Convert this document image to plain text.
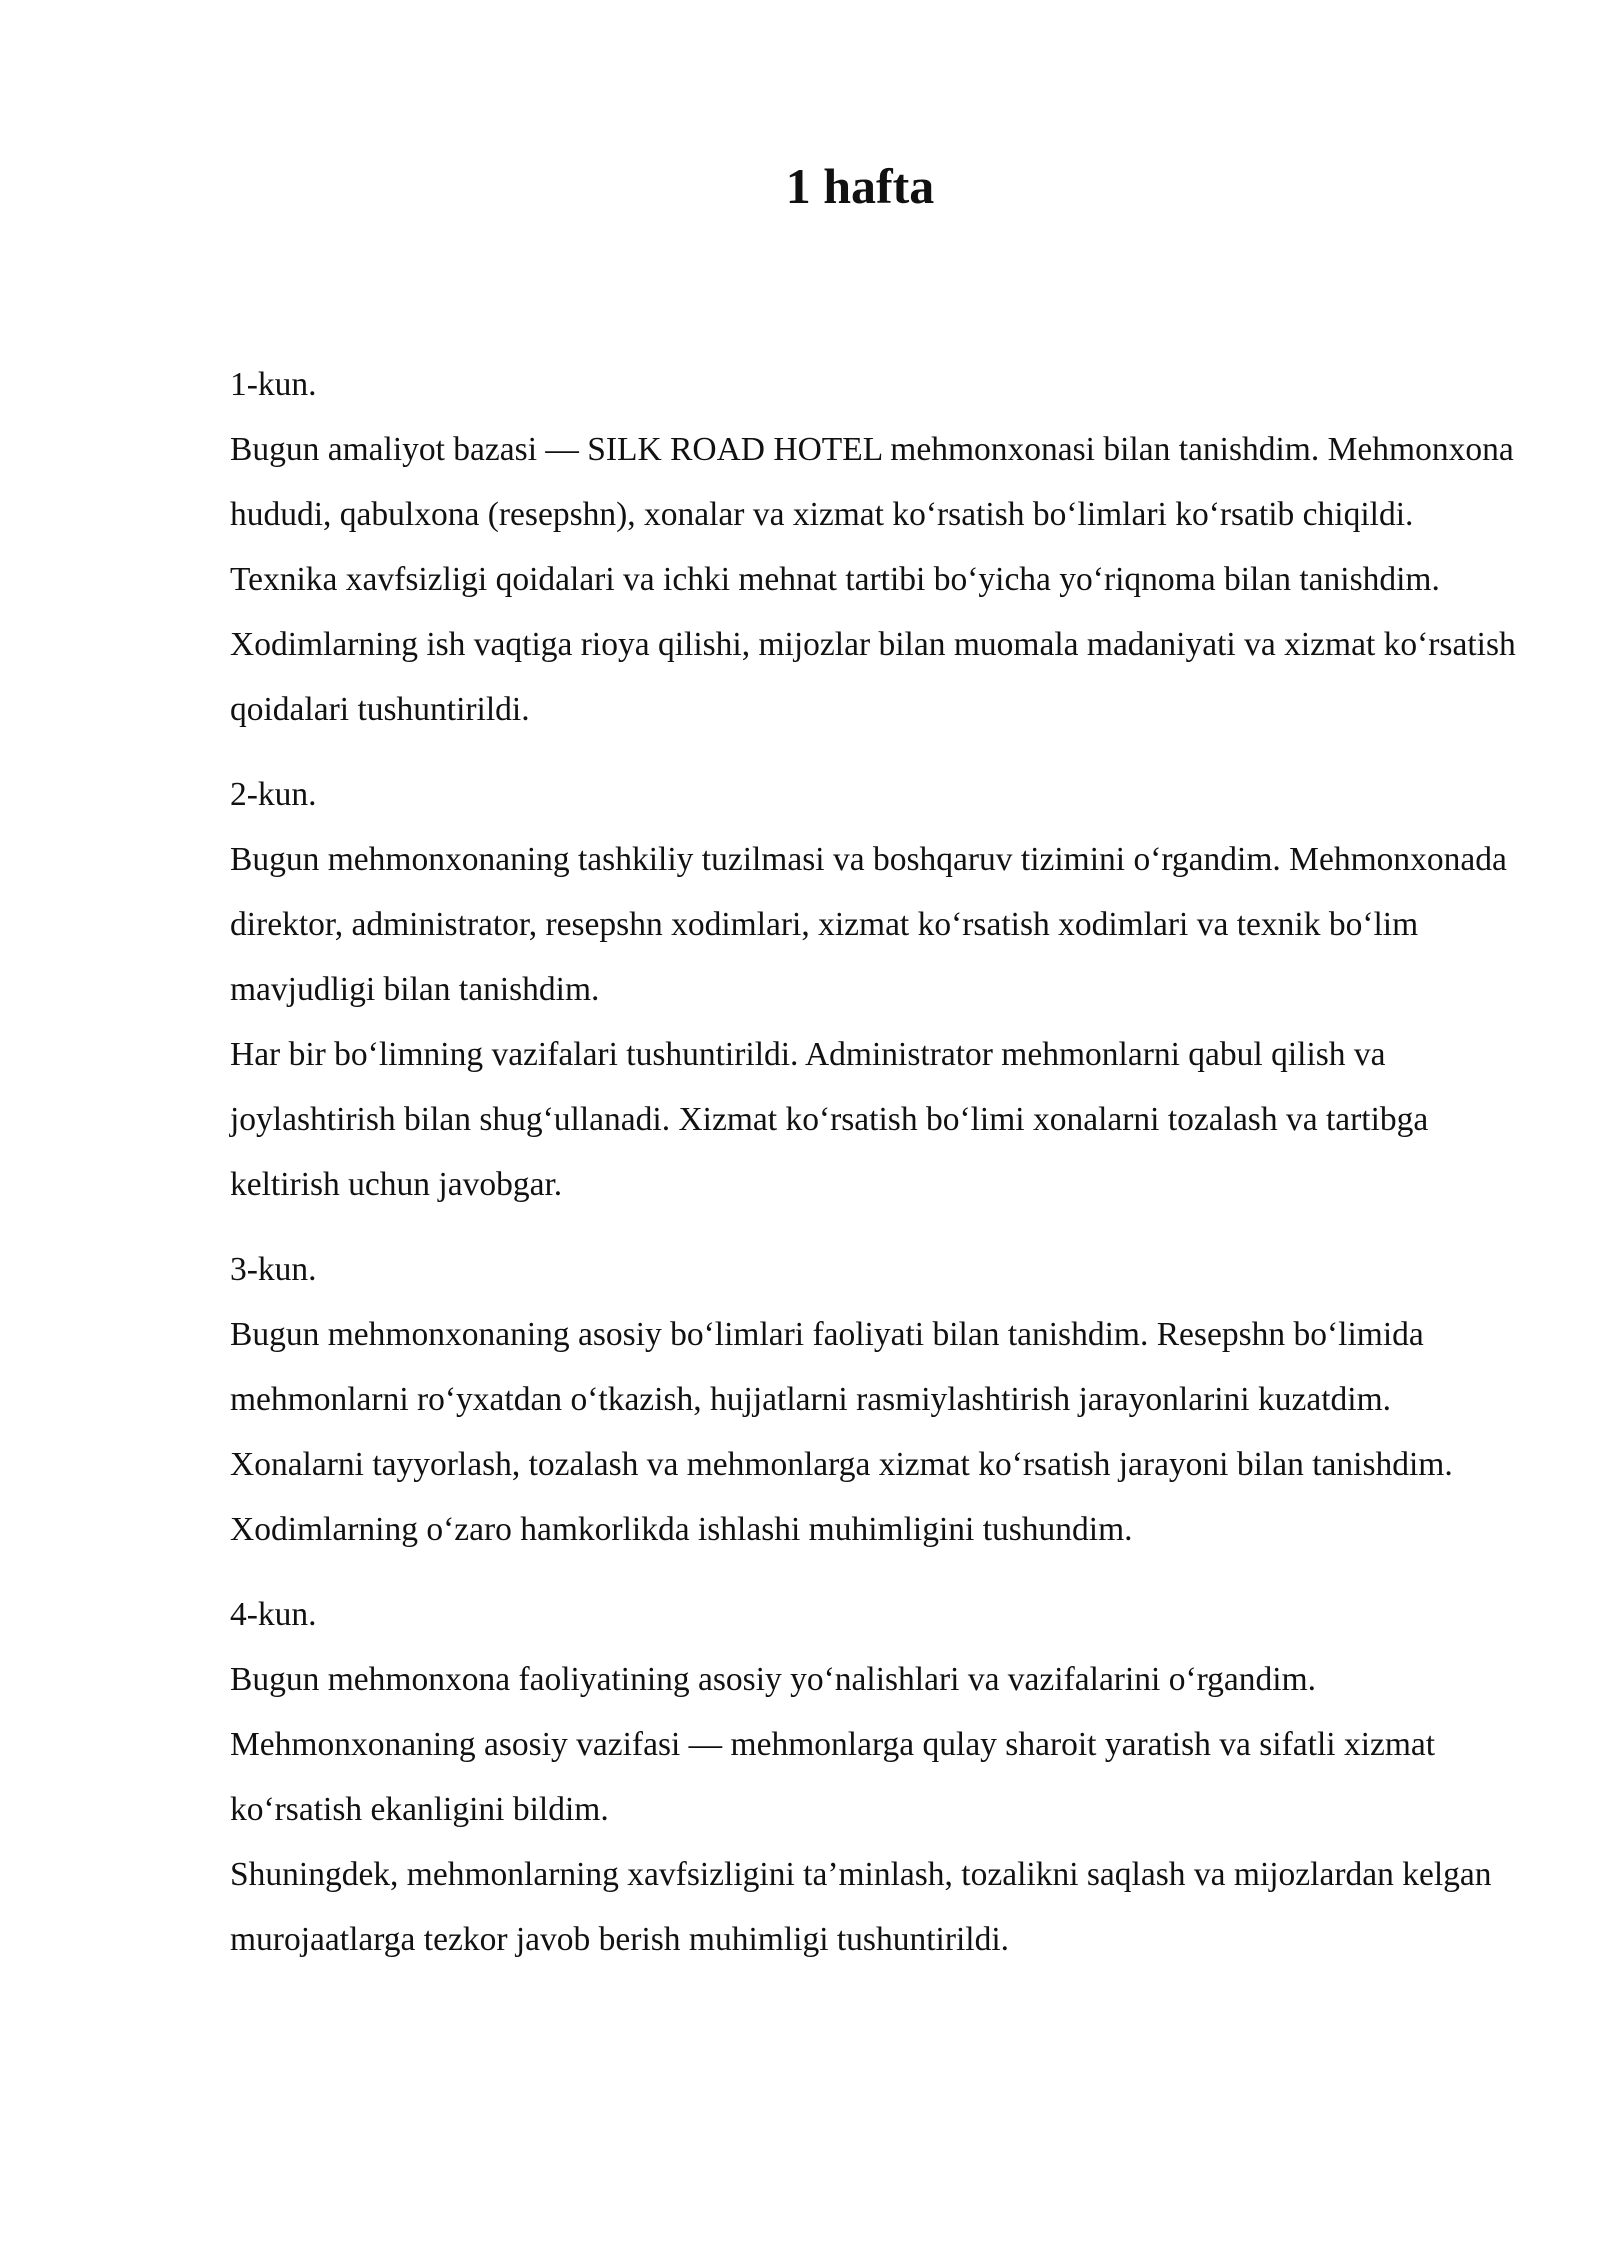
1 hafta

1-kun.

Bugun amaliyot bazasi — SILK ROAD HOTEL mehmonxonasi bilan tanishdim. Mehmonxona hududi, qabulxona (resepshn), xonalar va xizmat ko‘rsatish bo‘limlari ko‘rsatib chiqildi.

Texnika xavfsizligi qoidalari va ichki mehnat tartibi bo‘yicha yo‘riqnoma bilan tanishdim. Xodimlarning ish vaqtiga rioya qilishi, mijozlar bilan muomala madaniyati va xizmat ko‘rsatish qoidalari tushuntirildi.

2-kun.

Bugun mehmonxonaning tashkiliy tuzilmasi va boshqaruv tizimini o‘rgandim. Mehmonxonada direktor, administrator, resepshn xodimlari, xizmat ko‘rsatish xodimlari va texnik bo‘lim mavjudligi bilan tanishdim.

Har bir bo‘limning vazifalari tushuntirildi. Administrator mehmonlarni qabul qilish va joylashtirish bilan shug‘ullanadi. Xizmat ko‘rsatish bo‘limi xonalarni tozalash va tartibga keltirish uchun javobgar.

3-kun.

Bugun mehmonxonaning asosiy bo‘limlari faoliyati bilan tanishdim. Resepshn bo‘limida mehmonlarni ro‘yxatdan o‘tkazish, hujjatlarni rasmiylashtirish jarayonlarini kuzatdim.

Xonalarni tayyorlash, tozalash va mehmonlarga xizmat ko‘rsatish jarayoni bilan tanishdim. Xodimlarning o‘zaro hamkorlikda ishlashi muhimligini tushundim.

4-kun.

Bugun mehmonxona faoliyatining asosiy yo‘nalishlari va vazifalarini o‘rgandim. Mehmonxonaning asosiy vazifasi — mehmonlarga qulay sharoit yaratish va sifatli xizmat ko‘rsatish ekanligini bildim.

Shuningdek, mehmonlarning xavfsizligini ta’minlash, tozalikni saqlash va mijozlardan kelgan murojaatlarga tezkor javob berish muhimligi tushuntirildi.
